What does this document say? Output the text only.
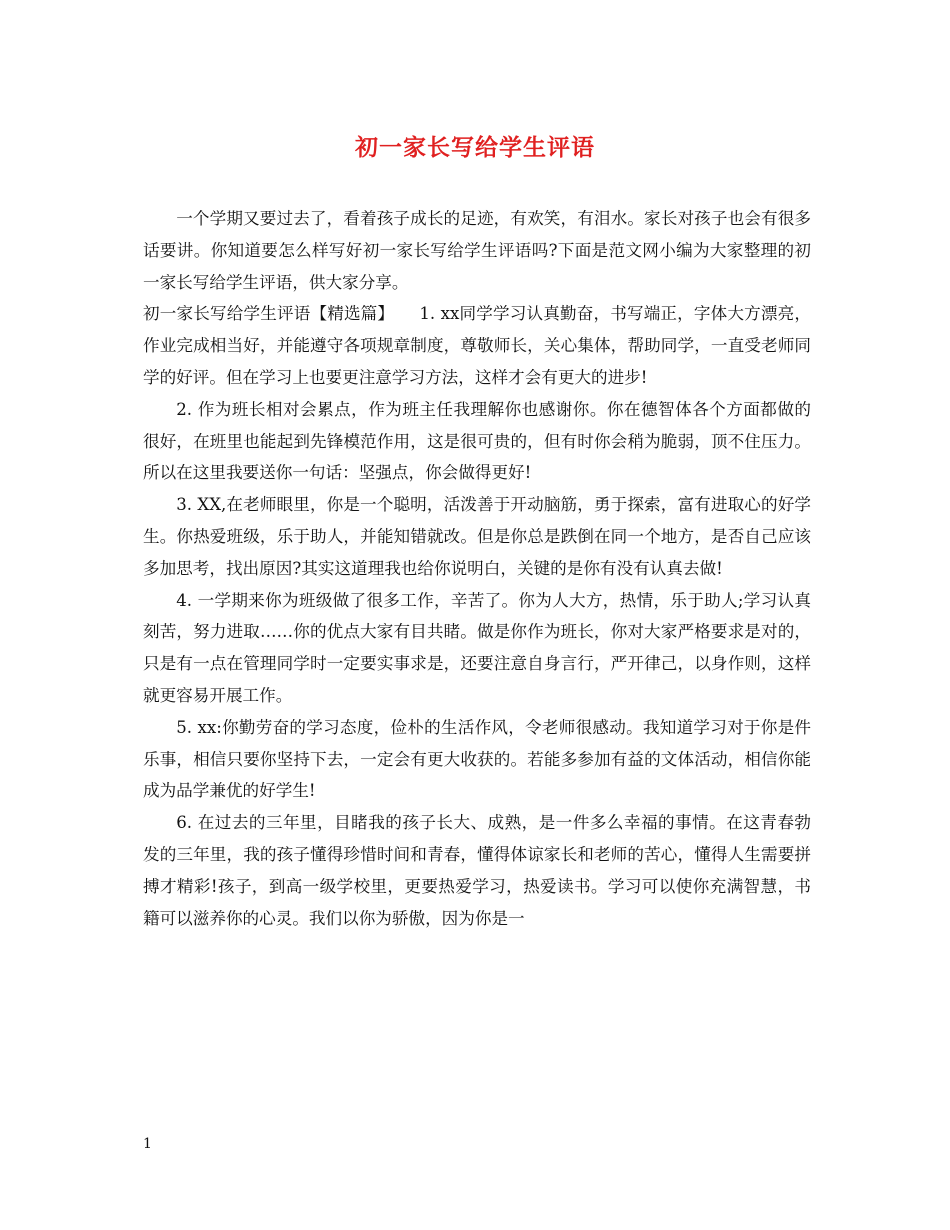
初一家长写给学生评语

一个学期又要过去了，看着孩子成长的足迹，有欢笑，有泪水。家长对孩子也会有很多话要讲。你知道要怎么样写好初一家长写给学生评语吗?下面是范文网小编为大家整理的初一家长写给学生评语，供大家分享。

初一家长写给学生评语【精选篇】　　1. xx同学学习认真勤奋，书写端正，字体大方漂亮，作业完成相当好，并能遵守各项规章制度，尊敬师长，关心集体，帮助同学，一直受老师同学的好评。但在学习上也要更注意学习方法，这样才会有更大的进步!

2. 作为班长相对会累点，作为班主任我理解你也感谢你。你在德智体各个方面都做的很好，在班里也能起到先锋模范作用，这是很可贵的，但有时你会稍为脆弱，顶不住压力。所以在这里我要送你一句话：坚强点，你会做得更好!

3. XX,在老师眼里，你是一个聪明，活泼善于开动脑筋，勇于探索，富有进取心的好学生。你热爱班级，乐于助人，并能知错就改。但是你总是跌倒在同一个地方，是否自己应该多加思考，找出原因?其实这道理我也给你说明白，关键的是你有没有认真去做!

4. 一学期来你为班级做了很多工作，辛苦了。你为人大方，热情，乐于助人;学习认真刻苦，努力进取……你的优点大家有目共睹。做是你作为班长，你对大家严格要求是对的，只是有一点在管理同学时一定要实事求是，还要注意自身言行，严开律己，以身作则，这样就更容易开展工作。

5. xx:你勤劳奋的学习态度，俭朴的生活作风，令老师很感动。我知道学习对于你是件乐事，相信只要你坚持下去，一定会有更大收获的。若能多参加有益的文体活动，相信你能成为品学兼优的好学生!

6. 在过去的三年里，目睹我的孩子长大、成熟，是一件多么幸福的事情。在这青春勃发的三年里，我的孩子懂得珍惜时间和青春，懂得体谅家长和老师的苦心，懂得人生需要拼搏才精彩!孩子，到高一级学校里，更要热爱学习，热爱读书。学习可以使你充满智慧，书籍可以滋养你的心灵。我们以你为骄傲，因为你是一

1
